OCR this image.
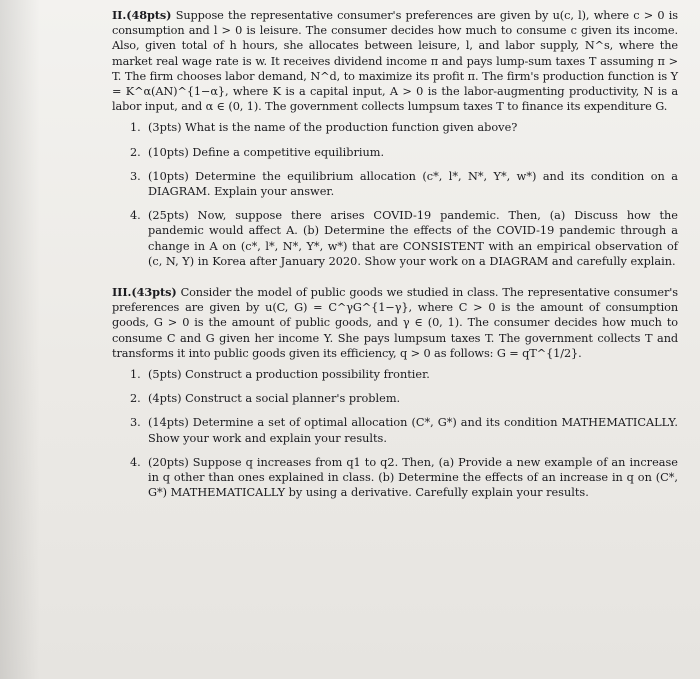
II.(48pts) Suppose the representative consumer's preferences are given by u(c, l), where c > 0 is consumption and l > 0 is leisure. The consumer decides how much to consume c given its income. Also, given total of h hours, she allocates between leisure, l, and labor supply, N^s, where the market real wage rate is w. It receives dividend income π and pays lump-sum taxes T assuming π > T. The firm chooses labor demand, N^d, to maximize its profit π. The firm's production function is Y = K^α(AN)^{1−α}, where K is a capital input, A > 0 is the labor-augmenting productivity, N is a labor input, and α ∈ (0, 1). The government collects lumpsum taxes T to finance its expenditure G.

1. (3pts) What is the name of the production function given above?
2. (10pts) Define a competitive equilibrium.
3. (10pts) Determine the equilibrium allocation (c*, l*, N*, Y*, w*) and its condition on a DIAGRAM. Explain your answer.
4. (25pts) Now, suppose there arises COVID-19 pandemic. Then, (a) Discuss how the pandemic would affect A. (b) Determine the effects of the COVID-19 pandemic through a change in A on (c*, l*, N*, Y*, w*) that are CONSISTENT with an empirical observation of (c, N, Y) in Korea after January 2020. Show your work on a DIAGRAM and carefully explain.

III.(43pts) Consider the model of public goods we studied in class. The representative consumer's preferences are given by u(C, G) = C^γG^{1−γ}, where C > 0 is the amount of consumption goods, G > 0 is the amount of public goods, and γ ∈ (0, 1). The consumer decides how much to consume C and G given her income Y. She pays lumpsum taxes T. The government collects T and transforms it into public goods given its efficiency, q > 0 as follows: G = qT^{1/2}.

1. (5pts) Construct a production possibility frontier.
2. (4pts) Construct a social planner's problem.
3. (14pts) Determine a set of optimal allocation (C*, G*) and its condition MATHEMATICALLY. Show your work and explain your results.
4. (20pts) Suppose q increases from q1 to q2. Then, (a) Provide a new example of an increase in q other than ones explained in class. (b) Determine the effects of an increase in q on (C*, G*) MATHEMATICALLY by using a derivative. Carefully explain your results.
